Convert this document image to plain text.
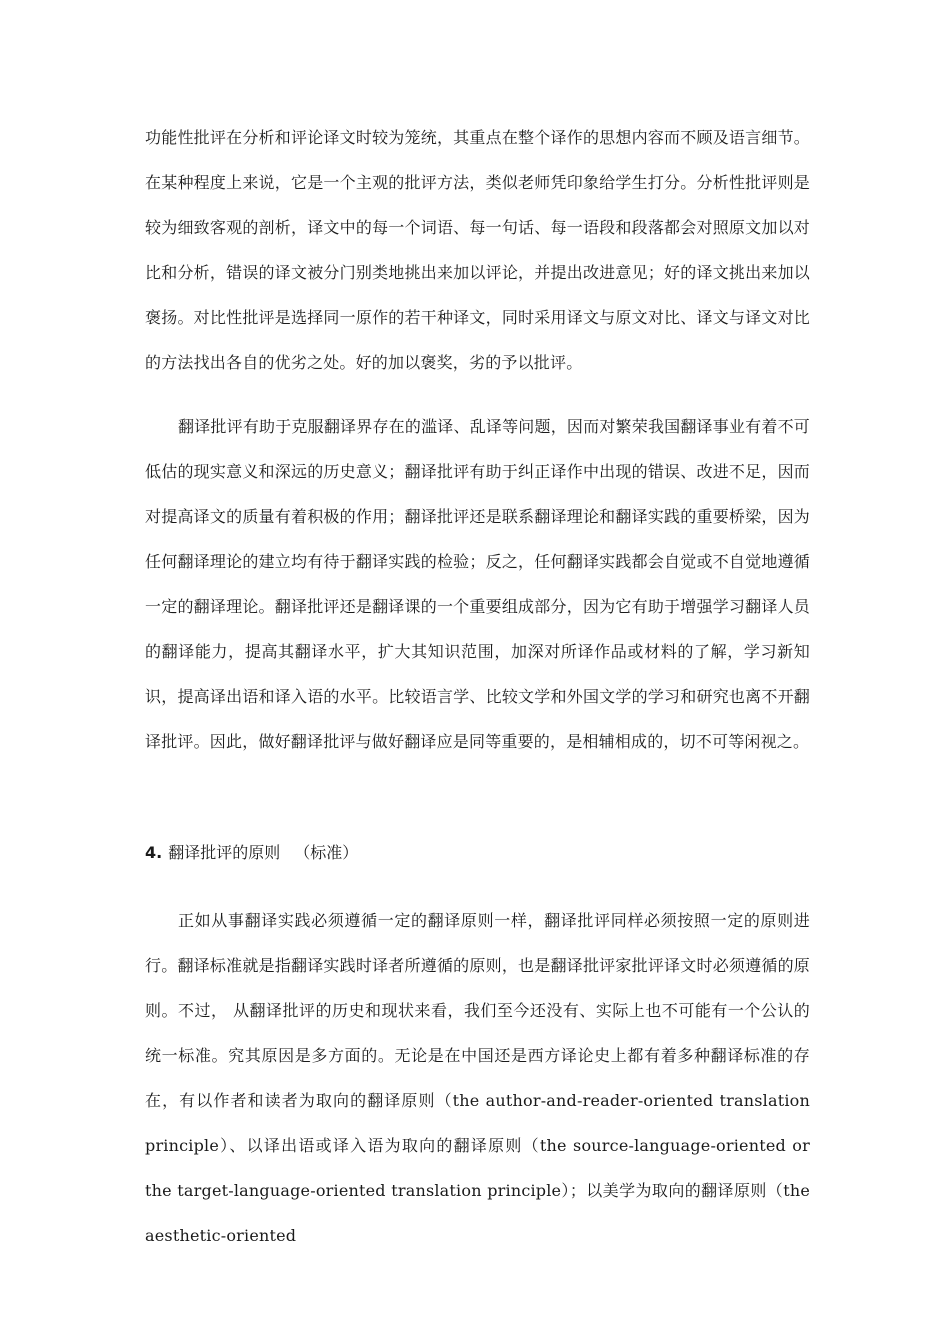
功能性批评在分析和评论译文时较为笼统，其重点在整个译作的思想内容而不顾及语言细节。在某种程度上来说，它是一个主观的批评方法，类似老师凭印象给学生打分。分析性批评则是较为细致客观的剖析，译文中的每一个词语、每一句话、每一语段和段落都会对照原文加以对比和分析，错误的译文被分门别类地挑出来加以评论，并提出改进意见；好的译文挑出来加以褒扬。对比性批评是选择同一原作的若干种译文，同时采用译文与原文对比、译文与译文对比的方法找出各自的优劣之处。好的加以褒奖，劣的予以批评。

翻译批评有助于克服翻译界存在的滥译、乱译等问题，因而对繁荣我国翻译事业有着不可低估的现实意义和深远的历史意义；翻译批评有助于纠正译作中出现的错误、改进不足，因而对提高译文的质量有着积极的作用；翻译批评还是联系翻译理论和翻译实践的重要桥梁，因为任何翻译理论的建立均有待于翻译实践的检验；反之，任何翻译实践都会自觉或不自觉地遵循一定的翻译理论。翻译批评还是翻译课的一个重要组成部分，因为它有助于增强学习翻译人员的翻译能力，提高其翻译水平，扩大其知识范围，加深对所译作品或材料的了解，学习新知识，提高译出语和译入语的水平。比较语言学、比较文学和外国文学的学习和研究也离不开翻译批评。因此，做好翻译批评与做好翻译应是同等重要的，是相辅相成的，切不可等闲视之。

4. 翻译批评的原则 （标准）

正如从事翻译实践必须遵循一定的翻译原则一样，翻译批评同样必须按照一定的原则进行。翻译标准就是指翻译实践时译者所遵循的原则，也是翻译批评家批评译文时必须遵循的原则。不过， 从翻译批评的历史和现状来看，我们至今还没有、实际上也不可能有一个公认的统一标准。究其原因是多方面的。无论是在中国还是西方译论史上都有着多种翻译标准的存在，有以作者和读者为取向的翻译原则（the author-and-reader-oriented translation principle）、以译出语或译入语为取向的翻译原则（the source-language-oriented or the target-language-oriented translation principle）；以美学为取向的翻译原则（the aesthetic-oriented
